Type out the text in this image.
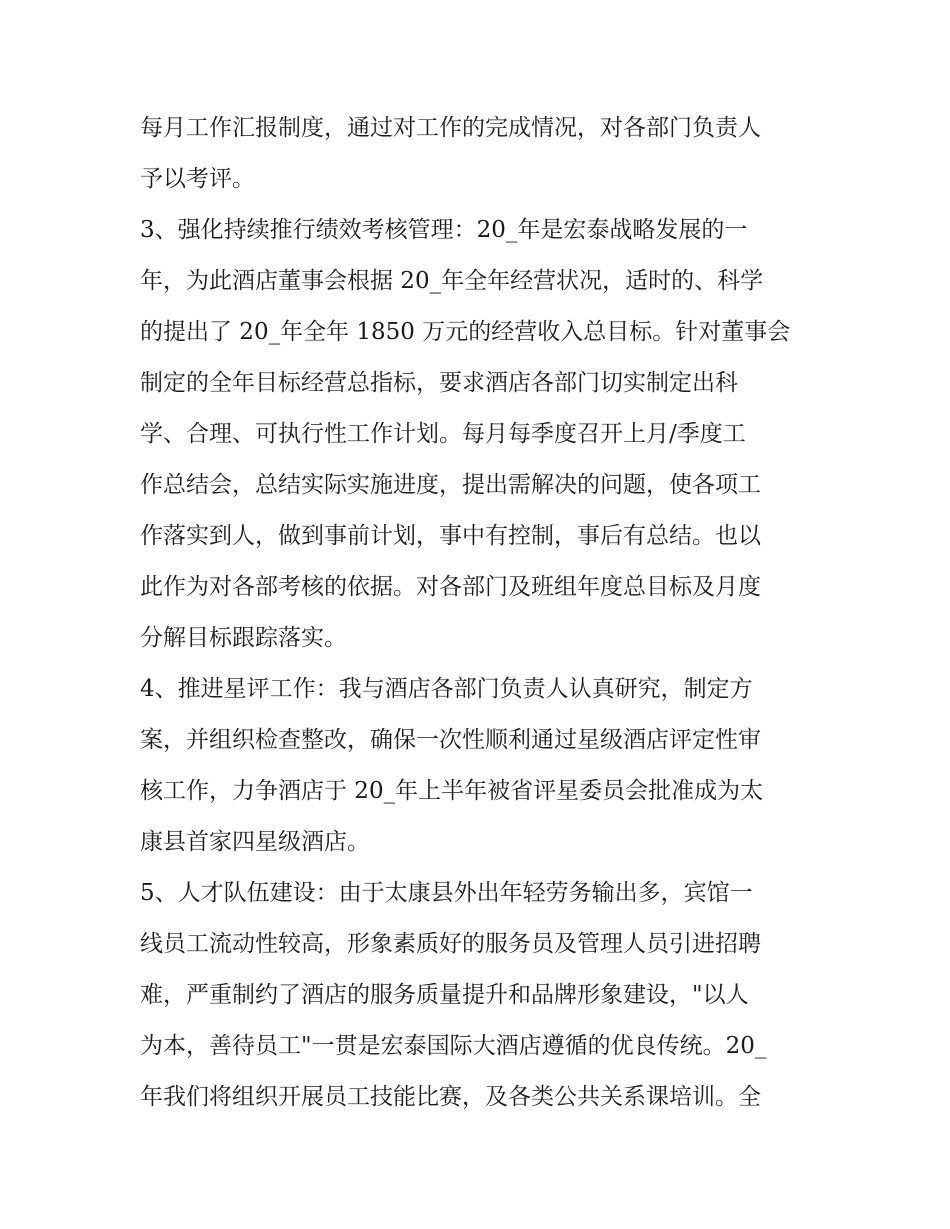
每月工作汇报制度，通过对工作的完成情况，对各部门负责人
予以考评。
3、强化持续推行绩效考核管理：20_年是宏泰战略发展的一
年，为此酒店董事会根据 20_年全年经营状况，适时的、科学
的提出了 20_年全年 1850 万元的经营收入总目标。针对董事会
制定的全年目标经营总指标，要求酒店各部门切实制定出科
学、合理、可执行性工作计划。每月每季度召开上月/季度工
作总结会，总结实际实施进度，提出需解决的问题，使各项工
作落实到人，做到事前计划，事中有控制，事后有总结。也以
此作为对各部考核的依据。对各部门及班组年度总目标及月度
分解目标跟踪落实。
4、推进星评工作：我与酒店各部门负责人认真研究，制定方
案，并组织检查整改，确保一次性顺利通过星级酒店评定性审
核工作，力争酒店于 20_年上半年被省评星委员会批准成为太
康县首家四星级酒店。
5、人才队伍建设：由于太康县外出年轻劳务输出多，宾馆一
线员工流动性较高，形象素质好的服务员及管理人员引进招聘
难，严重制约了酒店的服务质量提升和品牌形象建设，"以人
为本，善待员工"一贯是宏泰国际大酒店遵循的优良传统。20_
年我们将组织开展员工技能比赛，及各类公共关系课培训。全
